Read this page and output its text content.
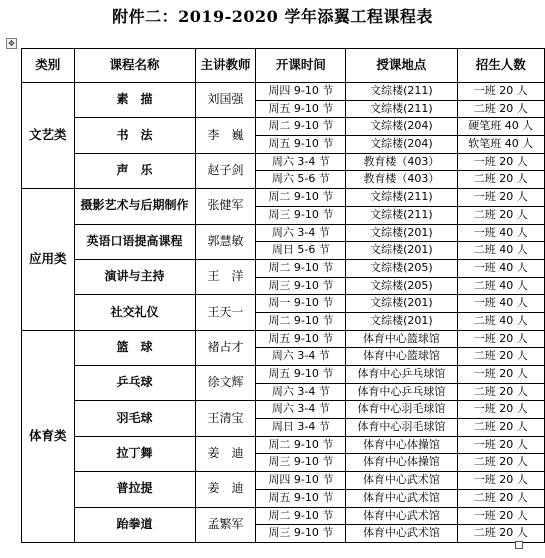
附件二：2019-2020 学年添翼工程课程表
✥
类别	课程名称	主讲教师	开课时间	授课地点	招生人数
文艺类	素　描	刘国强	周四 9-10 节	文综楼(211)	一班 20 人
			周五 9-10 节	文综楼(211)	二班 20 人
	书　法	李　巍	周二 9-10 节	文综楼(204)	硬笔班 40 人
			周五 9-10 节	文综楼(204)	软笔班 40 人
	声　乐	赵子剑	周六 3-4 节	教育楼（403）	一班 20 人
			周六 5-6 节	教育楼（403）	二班 20 人
应用类	摄影艺术与后期制作	张健军	周二 9-10 节	文综楼(211)	一班 20 人
			周三 9-10 节	文综楼(211)	二班 20 人
	英语口语提高课程	郭慧敏	周六 3-4 节	文综楼(201)	一班 40 人
			周日 5-6 节	文综楼(201)	二班 40 人
	演讲与主持	王　洋	周二 9-10 节	文综楼(205)	一班 40 人
			周三 9-10 节	文综楼(205)	二班 40 人
	社交礼仪	王天一	周一 9-10 节	文综楼(201)	一班 40 人
			周二 9-10 节	文综楼(201)	二班 40 人
体育类	篮　球	褚占才	周五 9-10 节	体育中心篮球馆	一班 20 人
			周六 3-4 节	体育中心篮球馆	二班 20 人
	乒乓球	徐文辉	周五 9-10 节	体育中心乒乓球馆	一班 20 人
			周六 3-4 节	体育中心乒乓球馆	二班 20 人
	羽毛球	王清宝	周六 3-4 节	体育中心羽毛球馆	一班 20 人
			周日 3-4 节	体育中心羽毛球馆	二班 20 人
	拉丁舞	姜　迪	周二 9-10 节	体育中心体操馆	一班 20 人
			周三 9-10 节	体育中心体操馆	二班 20 人
	普拉提	姜　迪	周四 9-10 节	体育中心武术馆	一班 20 人
			周五 9-10 节	体育中心武术馆	二班 20 人
	跆拳道	孟繁军	周二 9-10 节	体育中心武术馆	一班 20 人
			周三 9-10 节	体育中心武术馆	二班 20 人
